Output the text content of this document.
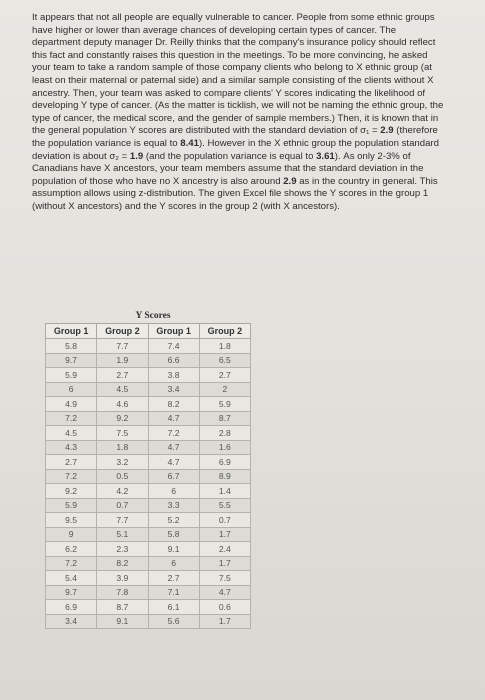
It appears that not all people are equally vulnerable to cancer. People from some ethnic groups have higher or lower than average chances of developing certain types of cancer. The department deputy manager Dr. Reilly thinks that the company's insurance policy should reflect this fact and constantly raises this question in the meetings. To be more convincing, he asked your team to take a random sample of those company clients who belong to X ethnic group (at least on their maternal or paternal side) and a similar sample consisting of the clients without X ancestry. Then, your team was asked to compare clients' Y scores indicating the likelihood of developing Y type of cancer. (As the matter is ticklish, we will not be naming the ethnic group, the type of cancer, the medical score, and the gender of sample members.) Then, it is known that in the general population Y scores are distributed with the standard deviation of σ₁ = 2.9 (therefore the population variance is equal to 8.41). However in the X ethnic group the population standard deviation is about σ₂ = 1.9 (and the population variance is equal to 3.61). As only 2-3% of Canadians have X ancestors, your team members assume that the standard deviation in the population of those who have no X ancestry is also around 2.9 as in the country in general. This assumption allows using z-distribution. The given Excel file shows the Y scores in the group 1 (without X ancestors) and the Y scores in the group 2 (with X ancestors).
Y Scores
Group 1	Group 2	Group 1	Group 2
5.8	7.7	7.4	1.8
9.7	1.9	6.6	6.5
5.9	2.7	3.8	2.7
6	4.5	3.4	2
4.9	4.6	8.2	5.9
7.2	9.2	4.7	8.7
4.5	7.5	7.2	2.8
4.3	1.8	4.7	1.6
2.7	3.2	4.7	6.9
7.2	0.5	6.7	8.9
9.2	4.2	6	1.4
5.9	0.7	3.3	5.5
9.5	7.7	5.2	0.7
9	5.1	5.8	1.7
6.2	2.3	9.1	2.4
7.2	8.2	6	1.7
5.4	3.9	2.7	7.5
9.7	7.8	7.1	4.7
6.9	8.7	6.1	0.6
3.4	9.1	5.6	1.7
